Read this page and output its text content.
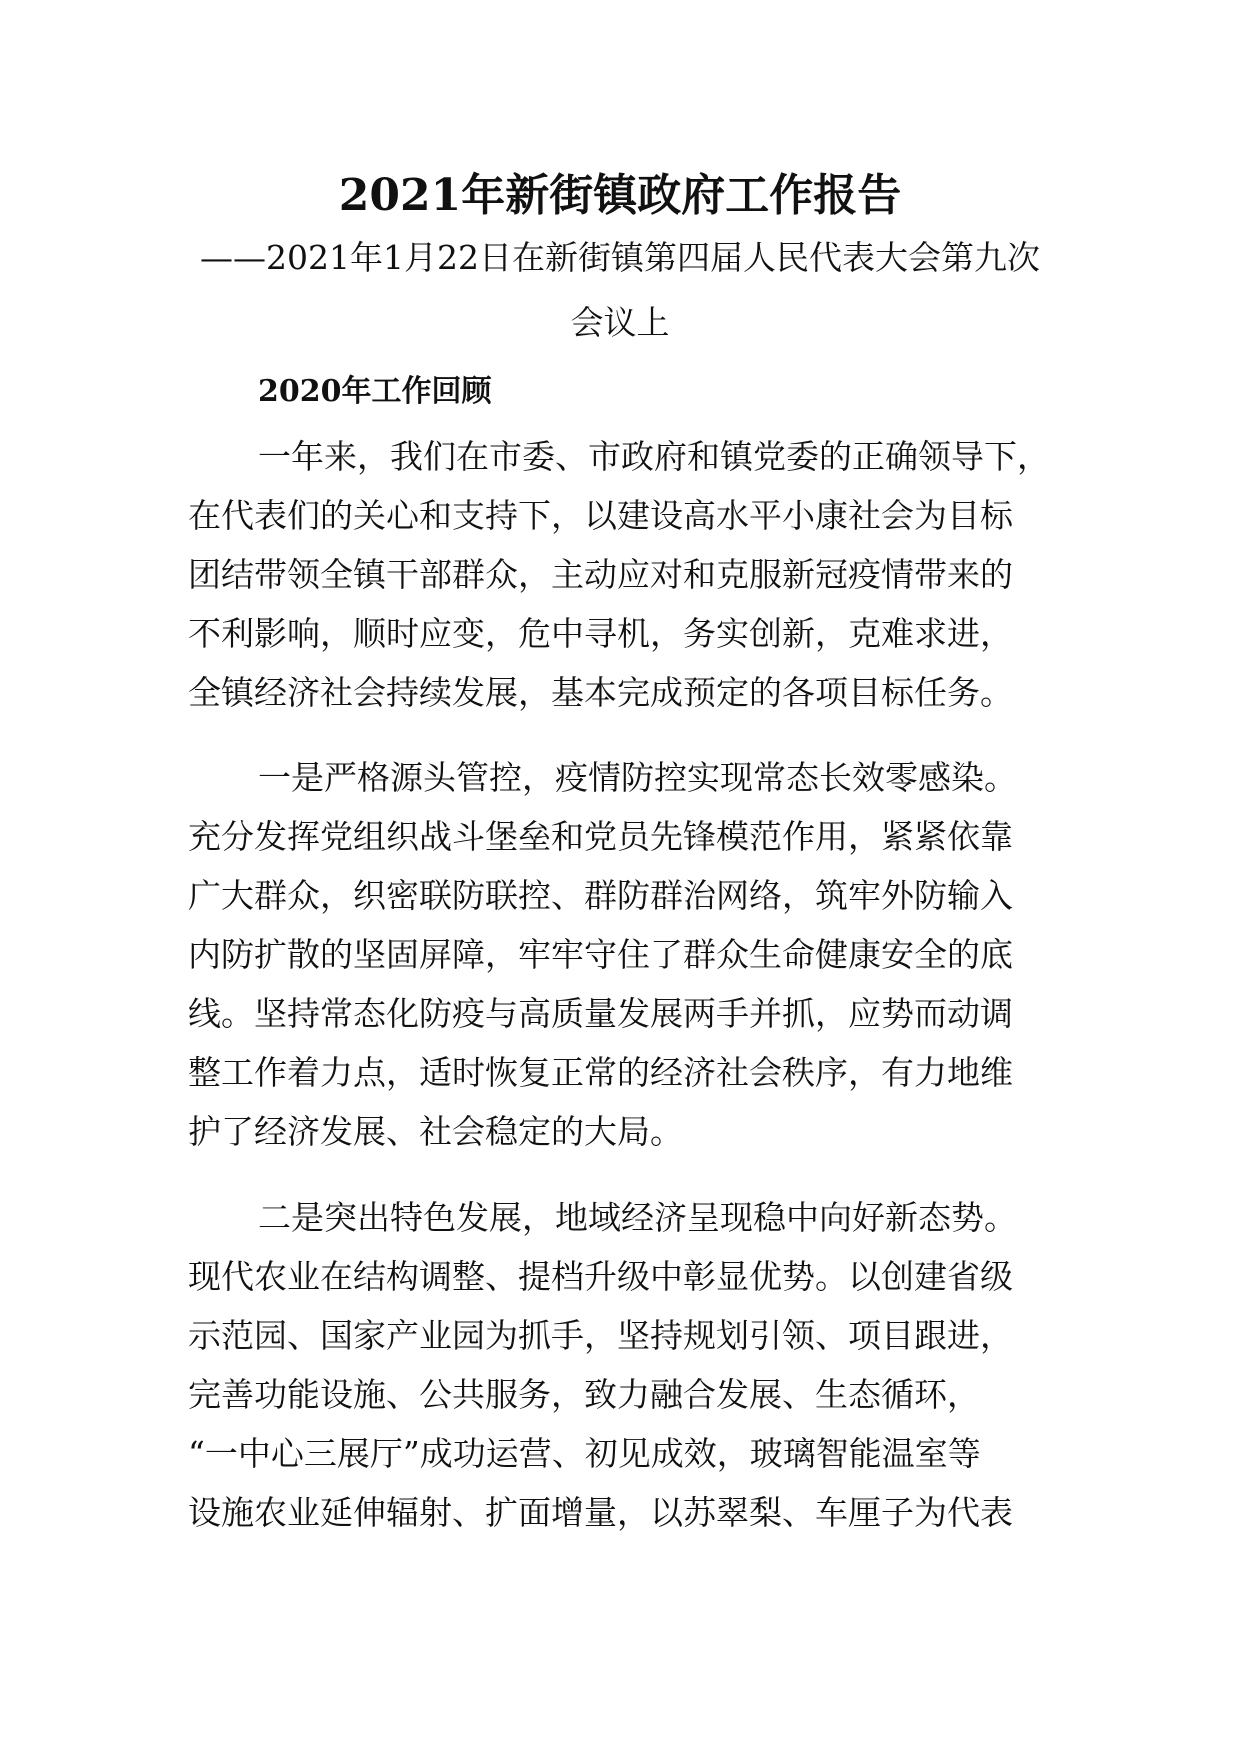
2021年新街镇政府工作报告
——2021年1月22日在新街镇第四届人民代表大会第九次
会议上
2020年工作回顾
一年来，我们在市委、市政府和镇党委的正确领导下，
在代表们的关心和支持下，以建设高水平小康社会为目标
团结带领全镇干部群众，主动应对和克服新冠疫情带来的
不利影响，顺时应变，危中寻机，务实创新，克难求进，
全镇经济社会持续发展，基本完成预定的各项目标任务。
一是严格源头管控，疫情防控实现常态长效零感染。
充分发挥党组织战斗堡垒和党员先锋模范作用，紧紧依靠
广大群众，织密联防联控、群防群治网络，筑牢外防输入
内防扩散的坚固屏障，牢牢守住了群众生命健康安全的底
线。坚持常态化防疫与高质量发展两手并抓，应势而动调
整工作着力点，适时恢复正常的经济社会秩序，有力地维
护了经济发展、社会稳定的大局。
二是突出特色发展，地域经济呈现稳中向好新态势。
现代农业在结构调整、提档升级中彰显优势。以创建省级
示范园、国家产业园为抓手，坚持规划引领、项目跟进，
完善功能设施、公共服务，致力融合发展、生态循环，
“一中心三展厅”成功运营、初见成效，玻璃智能温室等
设施农业延伸辐射、扩面增量，以苏翠梨、车厘子为代表
